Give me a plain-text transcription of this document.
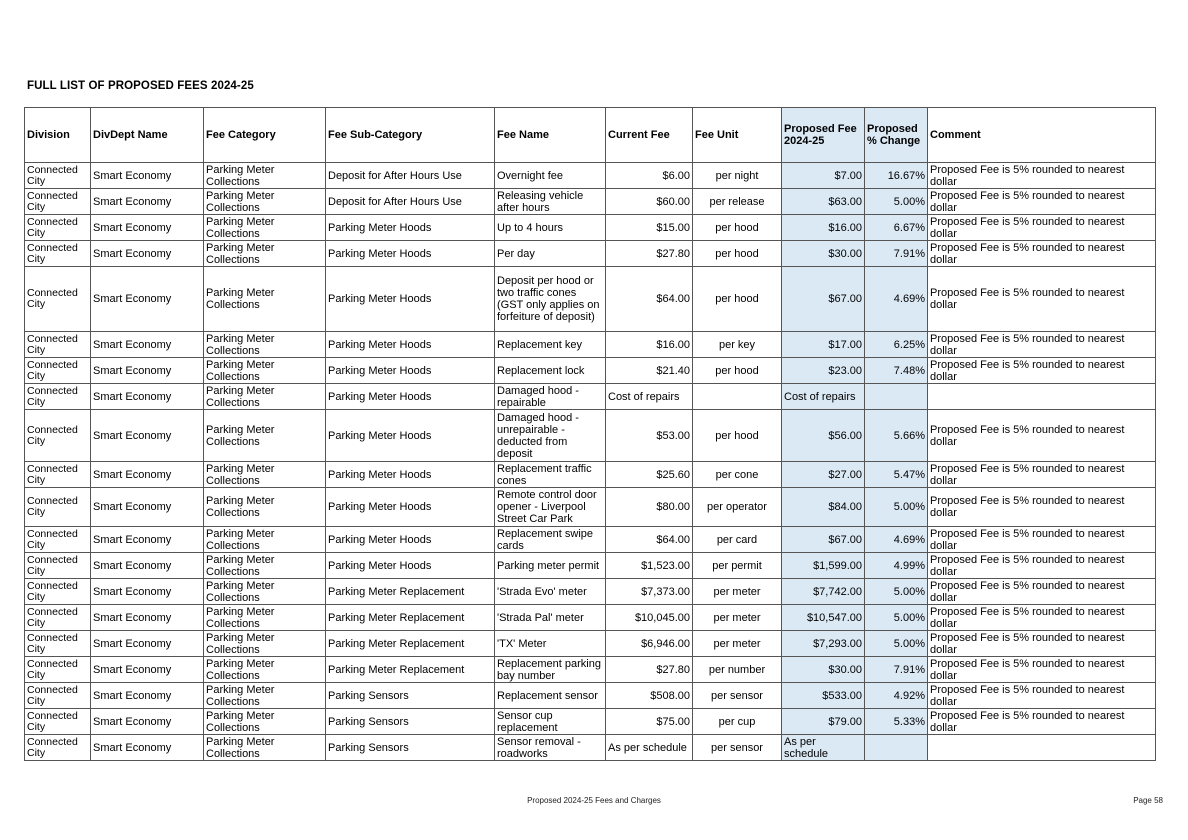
FULL LIST OF PROPOSED FEES 2024-25
Division	DivDept Name	Fee Category	Fee Sub-Category	Fee Name	Current Fee	Fee Unit	Proposed Fee 2024-25	Proposed % Change	Comment
Connected City	Smart Economy	Parking Meter Collections	Deposit for After Hours Use	Overnight fee	$6.00	per night	$7.00	16.67%	Proposed Fee is 5% rounded to nearest dollar
Connected City	Smart Economy	Parking Meter Collections	Deposit for After Hours Use	Releasing vehicle after hours	$60.00	per release	$63.00	5.00%	Proposed Fee is 5% rounded to nearest dollar
Connected City	Smart Economy	Parking Meter Collections	Parking Meter Hoods	Up to 4 hours	$15.00	per hood	$16.00	6.67%	Proposed Fee is 5% rounded to nearest dollar
Connected City	Smart Economy	Parking Meter Collections	Parking Meter Hoods	Per day	$27.80	per hood	$30.00	7.91%	Proposed Fee is 5% rounded to nearest dollar
Connected City	Smart Economy	Parking Meter Collections	Parking Meter Hoods	Deposit per hood or two traffic cones (GST only applies on forfeiture of deposit)	$64.00	per hood	$67.00	4.69%	Proposed Fee is 5% rounded to nearest dollar
Connected City	Smart Economy	Parking Meter Collections	Parking Meter Hoods	Replacement key	$16.00	per key	$17.00	6.25%	Proposed Fee is 5% rounded to nearest dollar
Connected City	Smart Economy	Parking Meter Collections	Parking Meter Hoods	Replacement lock	$21.40	per hood	$23.00	7.48%	Proposed Fee is 5% rounded to nearest dollar
Connected City	Smart Economy	Parking Meter Collections	Parking Meter Hoods	Damaged hood - repairable	Cost of repairs		Cost of repairs		
Connected City	Smart Economy	Parking Meter Collections	Parking Meter Hoods	Damaged hood - unrepairable - deducted from deposit	$53.00	per hood	$56.00	5.66%	Proposed Fee is 5% rounded to nearest dollar
Connected City	Smart Economy	Parking Meter Collections	Parking Meter Hoods	Replacement traffic cones	$25.60	per cone	$27.00	5.47%	Proposed Fee is 5% rounded to nearest dollar
Connected City	Smart Economy	Parking Meter Collections	Parking Meter Hoods	Remote control door opener - Liverpool Street Car Park	$80.00	per operator	$84.00	5.00%	Proposed Fee is 5% rounded to nearest dollar
Connected City	Smart Economy	Parking Meter Collections	Parking Meter Hoods	Replacement swipe cards	$64.00	per card	$67.00	4.69%	Proposed Fee is 5% rounded to nearest dollar
Connected City	Smart Economy	Parking Meter Collections	Parking Meter Hoods	Parking meter permit	$1,523.00	per permit	$1,599.00	4.99%	Proposed Fee is 5% rounded to nearest dollar
Connected City	Smart Economy	Parking Meter Collections	Parking Meter Replacement	'Strada Evo' meter	$7,373.00	per meter	$7,742.00	5.00%	Proposed Fee is 5% rounded to nearest dollar
Connected City	Smart Economy	Parking Meter Collections	Parking Meter Replacement	'Strada Pal' meter	$10,045.00	per meter	$10,547.00	5.00%	Proposed Fee is 5% rounded to nearest dollar
Connected City	Smart Economy	Parking Meter Collections	Parking Meter Replacement	'TX' Meter	$6,946.00	per meter	$7,293.00	5.00%	Proposed Fee is 5% rounded to nearest dollar
Connected City	Smart Economy	Parking Meter Collections	Parking Meter Replacement	Replacement parking bay number	$27.80	per number	$30.00	7.91%	Proposed Fee is 5% rounded to nearest dollar
Connected City	Smart Economy	Parking Meter Collections	Parking Sensors	Replacement sensor	$508.00	per sensor	$533.00	4.92%	Proposed Fee is 5% rounded to nearest dollar
Connected City	Smart Economy	Parking Meter Collections	Parking Sensors	Sensor cup replacement	$75.00	per cup	$79.00	5.33%	Proposed Fee is 5% rounded to nearest dollar
Connected City	Smart Economy	Parking Meter Collections	Parking Sensors	Sensor removal - roadworks	As per schedule	per sensor	As per schedule		
Proposed 2024-25 Fees and Charges	Page 58
